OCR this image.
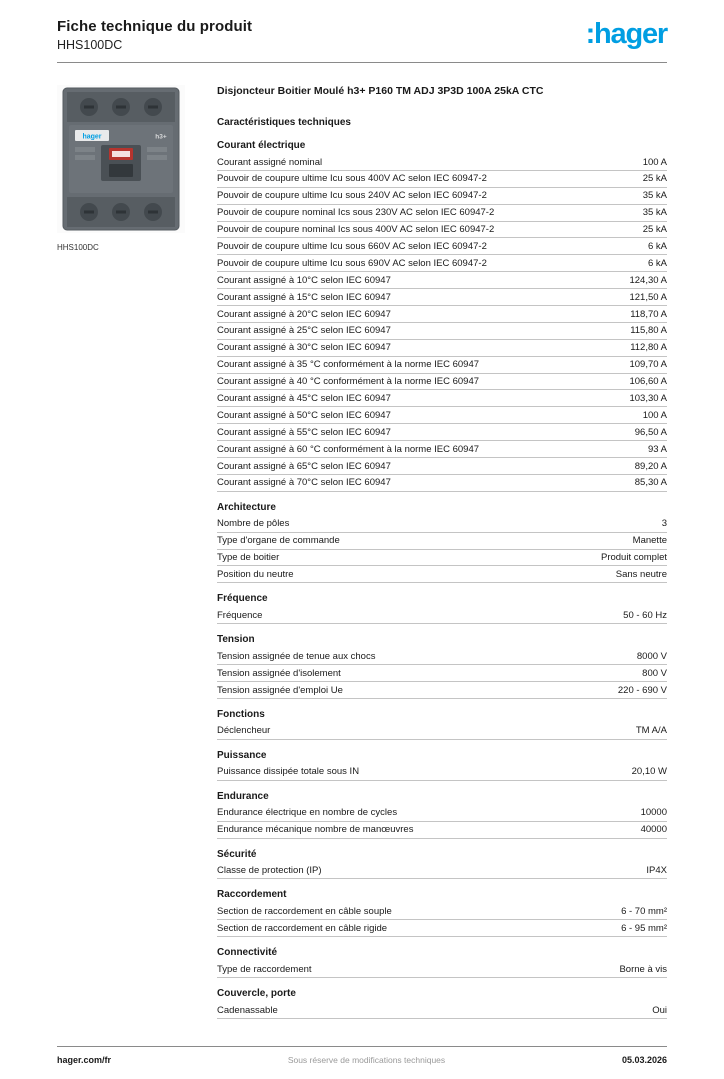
Fiche technique du produit
HHS100DC	:hager
hager	h3+
HHS100DC
Disjoncteur Boitier Moulé h3+ P160 TM ADJ 3P3D 100A 25kA CTC
Caractéristiques techniques
Courant électrique
Courant assigné nominal	100 A
Pouvoir de coupure ultime Icu sous 400V AC selon IEC 60947-2	25 kA
Pouvoir de coupure ultime Icu sous 240V AC selon IEC 60947-2	35 kA
Pouvoir de coupure nominal Ics sous 230V AC selon IEC 60947-2	35 kA
Pouvoir de coupure nominal Ics sous 400V AC selon IEC 60947-2	25 kA
Pouvoir de coupure ultime Icu sous 660V AC selon IEC 60947-2	6 kA
Pouvoir de coupure ultime Icu sous 690V AC selon IEC 60947-2	6 kA
Courant assigné à 10°C selon IEC 60947	124,30 A
Courant assigné à 15°C selon IEC 60947	121,50 A
Courant assigné à 20°C selon IEC 60947	118,70 A
Courant assigné à 25°C selon IEC 60947	115,80 A
Courant assigné à 30°C selon IEC 60947	112,80 A
Courant assigné à 35 °C conformément à la norme IEC 60947	109,70 A
Courant assigné à 40 °C conformément à la norme IEC 60947	106,60 A
Courant assigné à 45°C selon IEC 60947	103,30 A
Courant assigné à 50°C selon IEC 60947	100 A
Courant assigné à 55°C selon IEC 60947	96,50 A
Courant assigné à 60 °C conformément à la norme IEC 60947	93 A
Courant assigné à 65°C selon IEC 60947	89,20 A
Courant assigné à 70°C selon IEC 60947	85,30 A
Architecture
Nombre de pôles	3
Type d'organe de commande	Manette
Type de boitier	Produit complet
Position du neutre	Sans neutre
Fréquence
Fréquence	50 - 60 Hz
Tension
Tension assignée de tenue aux chocs	8000 V
Tension assignée d'isolement	800 V
Tension assignée d'emploi Ue	220 - 690 V
Fonctions
Déclencheur	TM A/A
Puissance
Puissance dissipée totale sous IN	20,10 W
Endurance
Endurance électrique en nombre de cycles	10000
Endurance mécanique nombre de manœuvres	40000
Sécurité
Classe de protection (IP)	IP4X
Raccordement
Section de raccordement en câble souple	6 - 70 mm²
Section de raccordement en câble rigide	6 - 95 mm²
Connectivité
Type de raccordement	Borne à vis
Couvercle, porte
Cadenassable	Oui
hager.com/fr	Sous réserve de modifications techniques	05.03.2026
